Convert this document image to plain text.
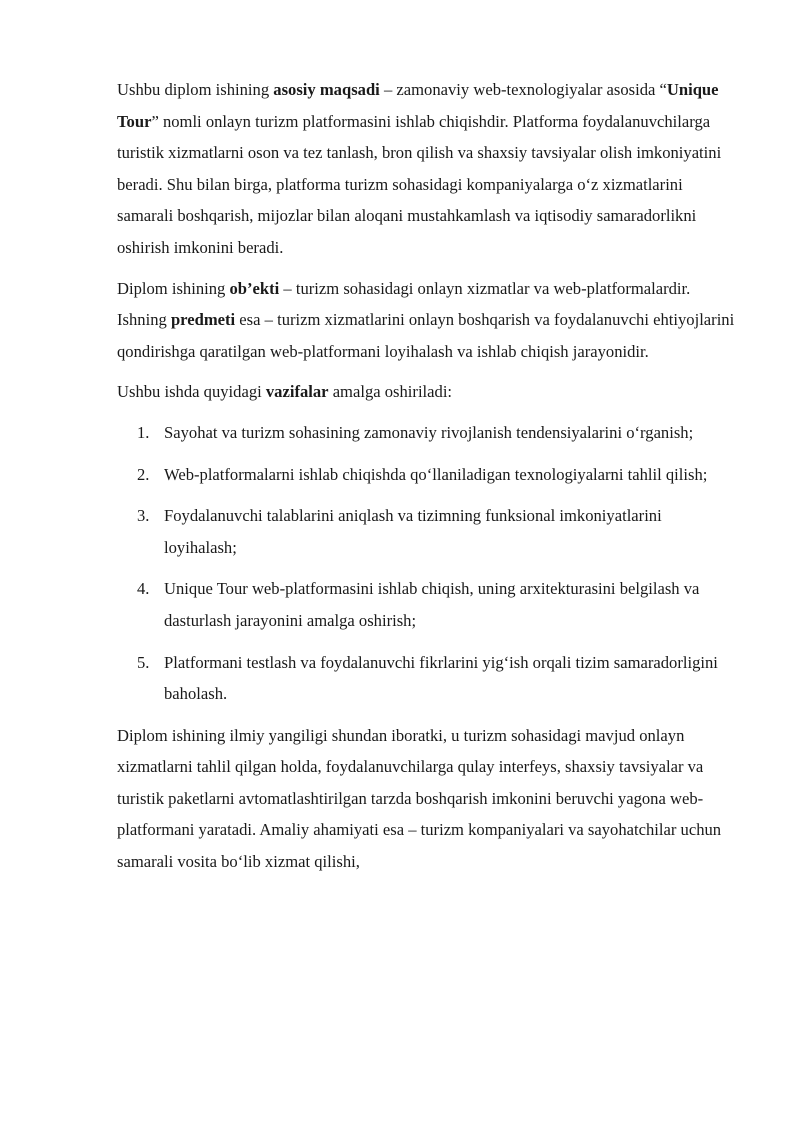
Ushbu diplom ishining asosiy maqsadi – zamonaviy web-texnologiyalar asosida “Unique Tour” nomli onlayn turizm platformasini ishlab chiqishdir. Platforma foydalanuvchilarga turistik xizmatlarni oson va tez tanlash, bron qilish va shaxsiy tavsiyalar olish imkoniyatini beradi. Shu bilan birga, platforma turizm sohasidagi kompaniyalarga o‘z xizmatlarini samarali boshqarish, mijozlar bilan aloqani mustahkamlash va iqtisodiy samaradorlikni oshirish imkonini beradi.

Diplom ishining ob’ekti – turizm sohasidagi onlayn xizmatlar va web-platformalardir. Ishning predmeti esa – turizm xizmatlarini onlayn boshqarish va foydalanuvchi ehtiyojlarini qondirishga qaratilgan web-platformani loyihalash va ishlab chiqish jarayonidir.

Ushbu ishda quyidagi vazifalar amalga oshiriladi:

1. Sayohat va turizm sohasining zamonaviy rivojlanish tendensiyalarini o‘rganish;
2. Web-platformalarni ishlab chiqishda qo‘llaniladigan texnologiyalarni tahlil qilish;
3. Foydalanuvchi talablarini aniqlash va tizimning funksional imkoniyatlarini loyihalash;
4. Unique Tour web-platformasini ishlab chiqish, uning arxitekturasini belgilash va dasturlash jarayonini amalga oshirish;
5. Platformani testlash va foydalanuvchi fikrlarini yig‘ish orqali tizim samaradorligini baholash.

Diplom ishining ilmiy yangiligi shundan iboratki, u turizm sohasidagi mavjud onlayn xizmatlarni tahlil qilgan holda, foydalanuvchilarga qulay interfeys, shaxsiy tavsiyalar va turistik paketlarni avtomatlashtirilgan tarzda boshqarish imkonini beruvchi yagona web-platformani yaratadi. Amaliy ahamiyati esa – turizm kompaniyalari va sayohatchilar uchun samarali vosita bo‘lib xizmat qilishi,
